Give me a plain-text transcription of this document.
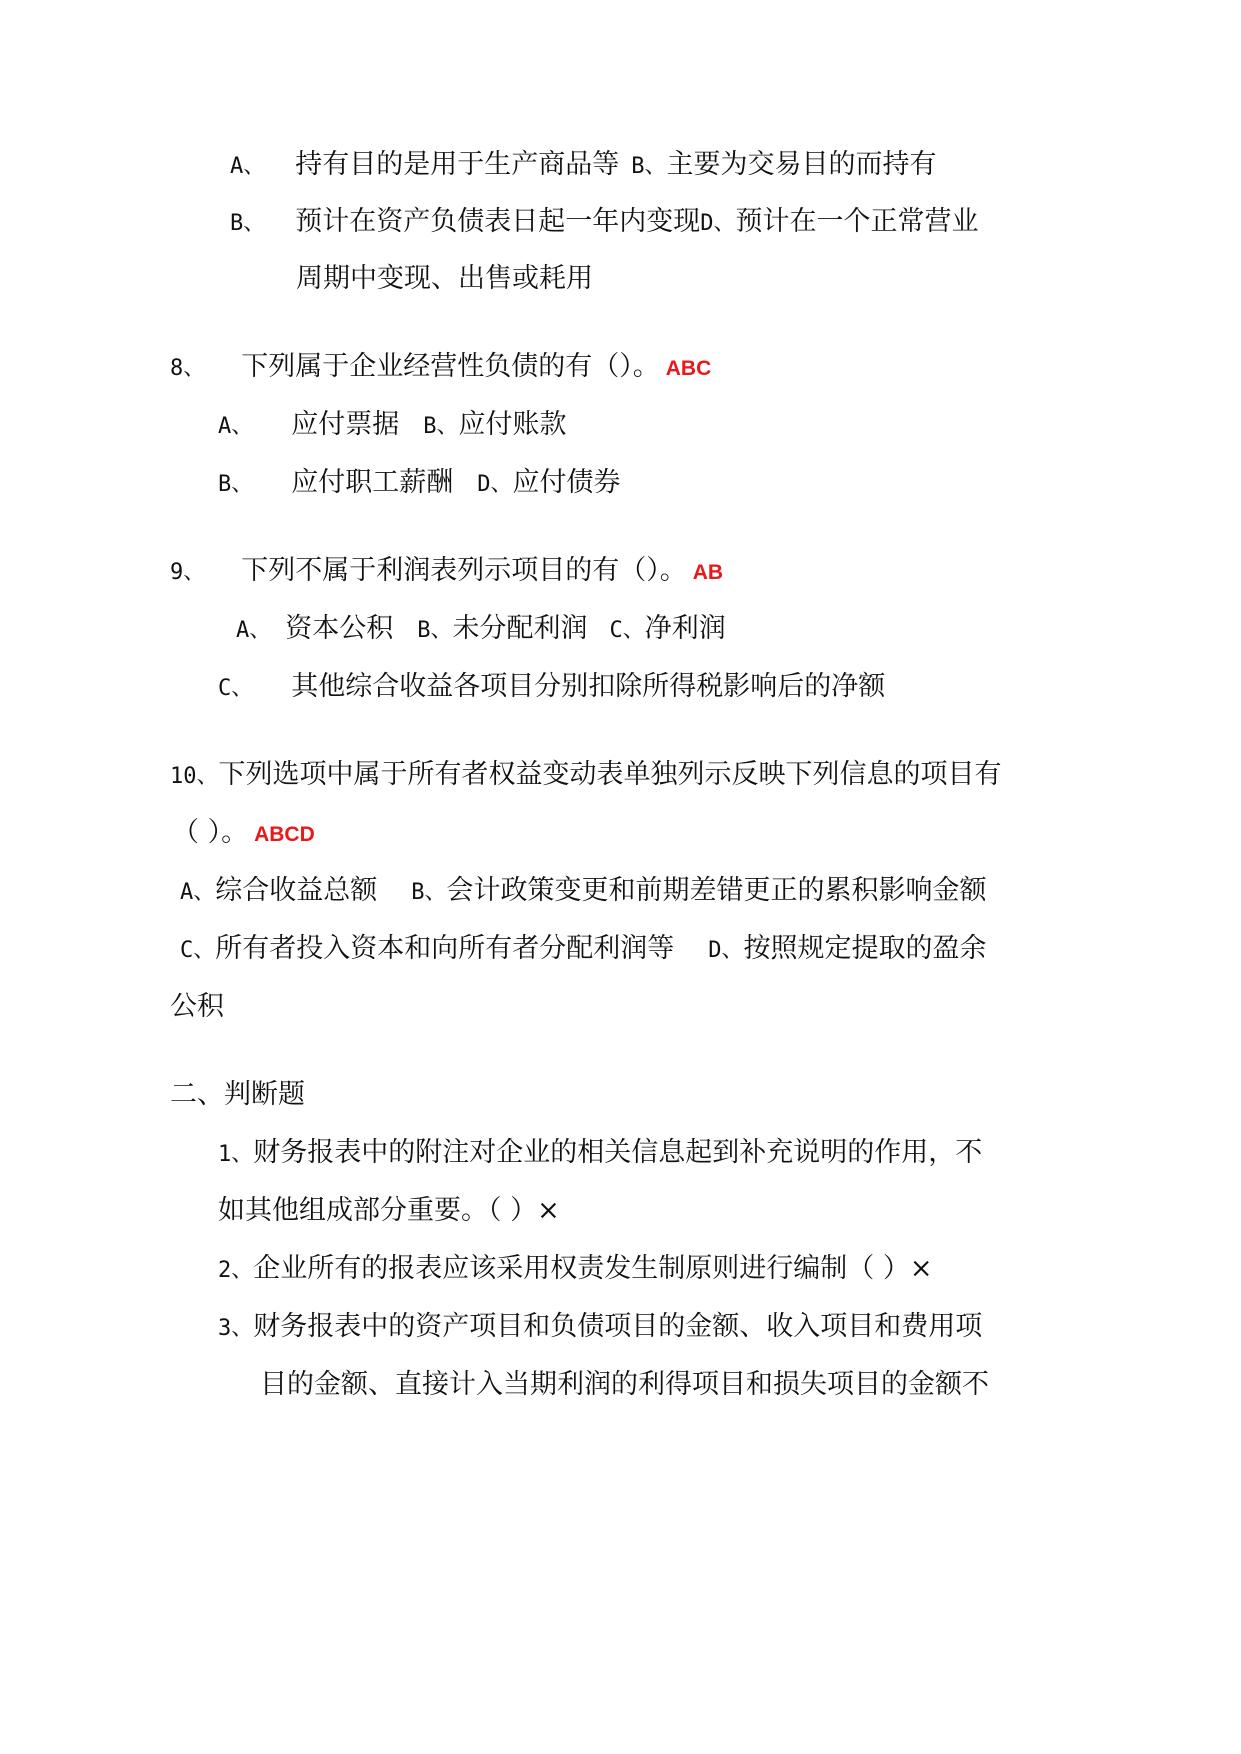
A、 持有目的是用于生产商品等 B、主要为交易目的而持有
B、 预计在资产负债表日起一年内变现D、预计在一个正常营业
周期中变现、出售或耗用
8、 下列属于企业经营性负债的有（）。 ABC
A、 应付票据 B、应付账款
B、 应付职工薪酬 D、应付债券
9、 下列不属于利润表列示项目的有（）。 AB
A、 资本公积 B、未分配利润 C、净利润
C、 其他综合收益各项目分别扣除所得税影响后的净额
10、下列选项中属于所有者权益变动表单独列示反映下列信息的项目有
（ ）。 ABCD
A、综合收益总额 B、会计政策变更和前期差错更正的累积影响金额
C、所有者投入资本和向所有者分配利润等 D、按照规定提取的盈余
公积
二、判断题
1、财务报表中的附注对企业的相关信息起到补充说明的作用，不
如其他组成部分重要。（ ）×
2、企业所有的报表应该采用权责发生制原则进行编制（ ）×
3、财务报表中的资产项目和负债项目的金额、收入项目和费用项
目的金额、直接计入当期利润的利得项目和损失项目的金额不
